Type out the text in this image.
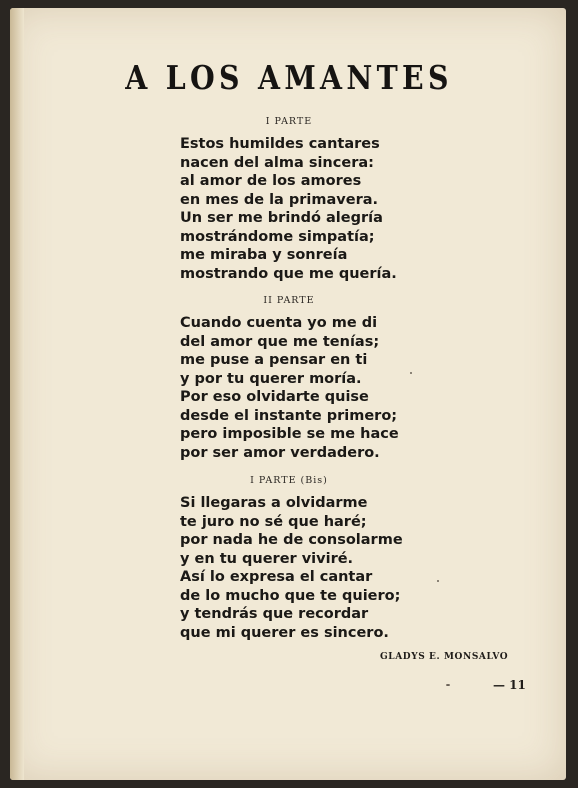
A LOS AMANTES
I PARTE
Estos humildes cantares
nacen del alma sincera:
al amor de los amores
en mes de la primavera.
Un ser me brindó alegría
mostrándome simpatía;
me miraba y sonreía
mostrando que me quería.
II PARTE
Cuando cuenta yo me di
del amor que me tenías;
me puse a pensar en ti
y por tu querer moría.
Por eso olvidarte quise
desde el instante primero;
pero imposible se me hace
por ser amor verdadero.
I PARTE (Bis)
Si llegaras a olvidarme
te juro no sé que haré;
por nada he de consolarme
y en tu querer viviré.
Así lo expresa el cantar
de lo mucho que te quiero;
y tendrás que recordar
que mi querer es sincero.
GLADYS E. MONSALVO
— 11
